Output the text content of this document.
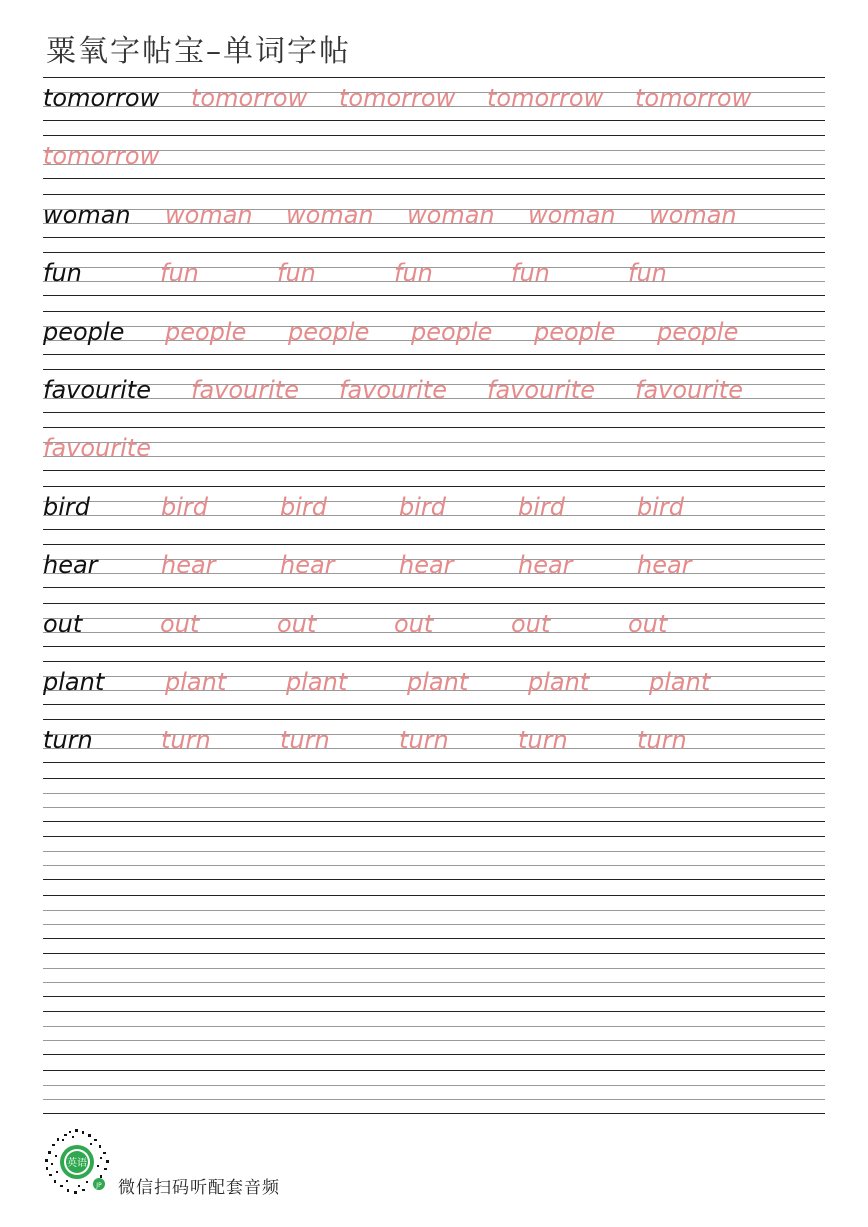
粟氧字帖宝–单词字帖
tomorrow tomorrow tomorrow tomorrow tomorrow
tomorrow
woman woman woman woman woman woman
fun	fun	fun	fun	fun	fun
people people people people people people
favourite favourite favourite favourite favourite
favourite
bird	bird	bird	bird	bird	bird
hear	hear	hear	hear	hear	hear
out	out	out	out	out	out
plant	plant plant plant plant plant
turn	turn	turn	turn	turn	turn
英语
JP 微信扫码听配套音频
